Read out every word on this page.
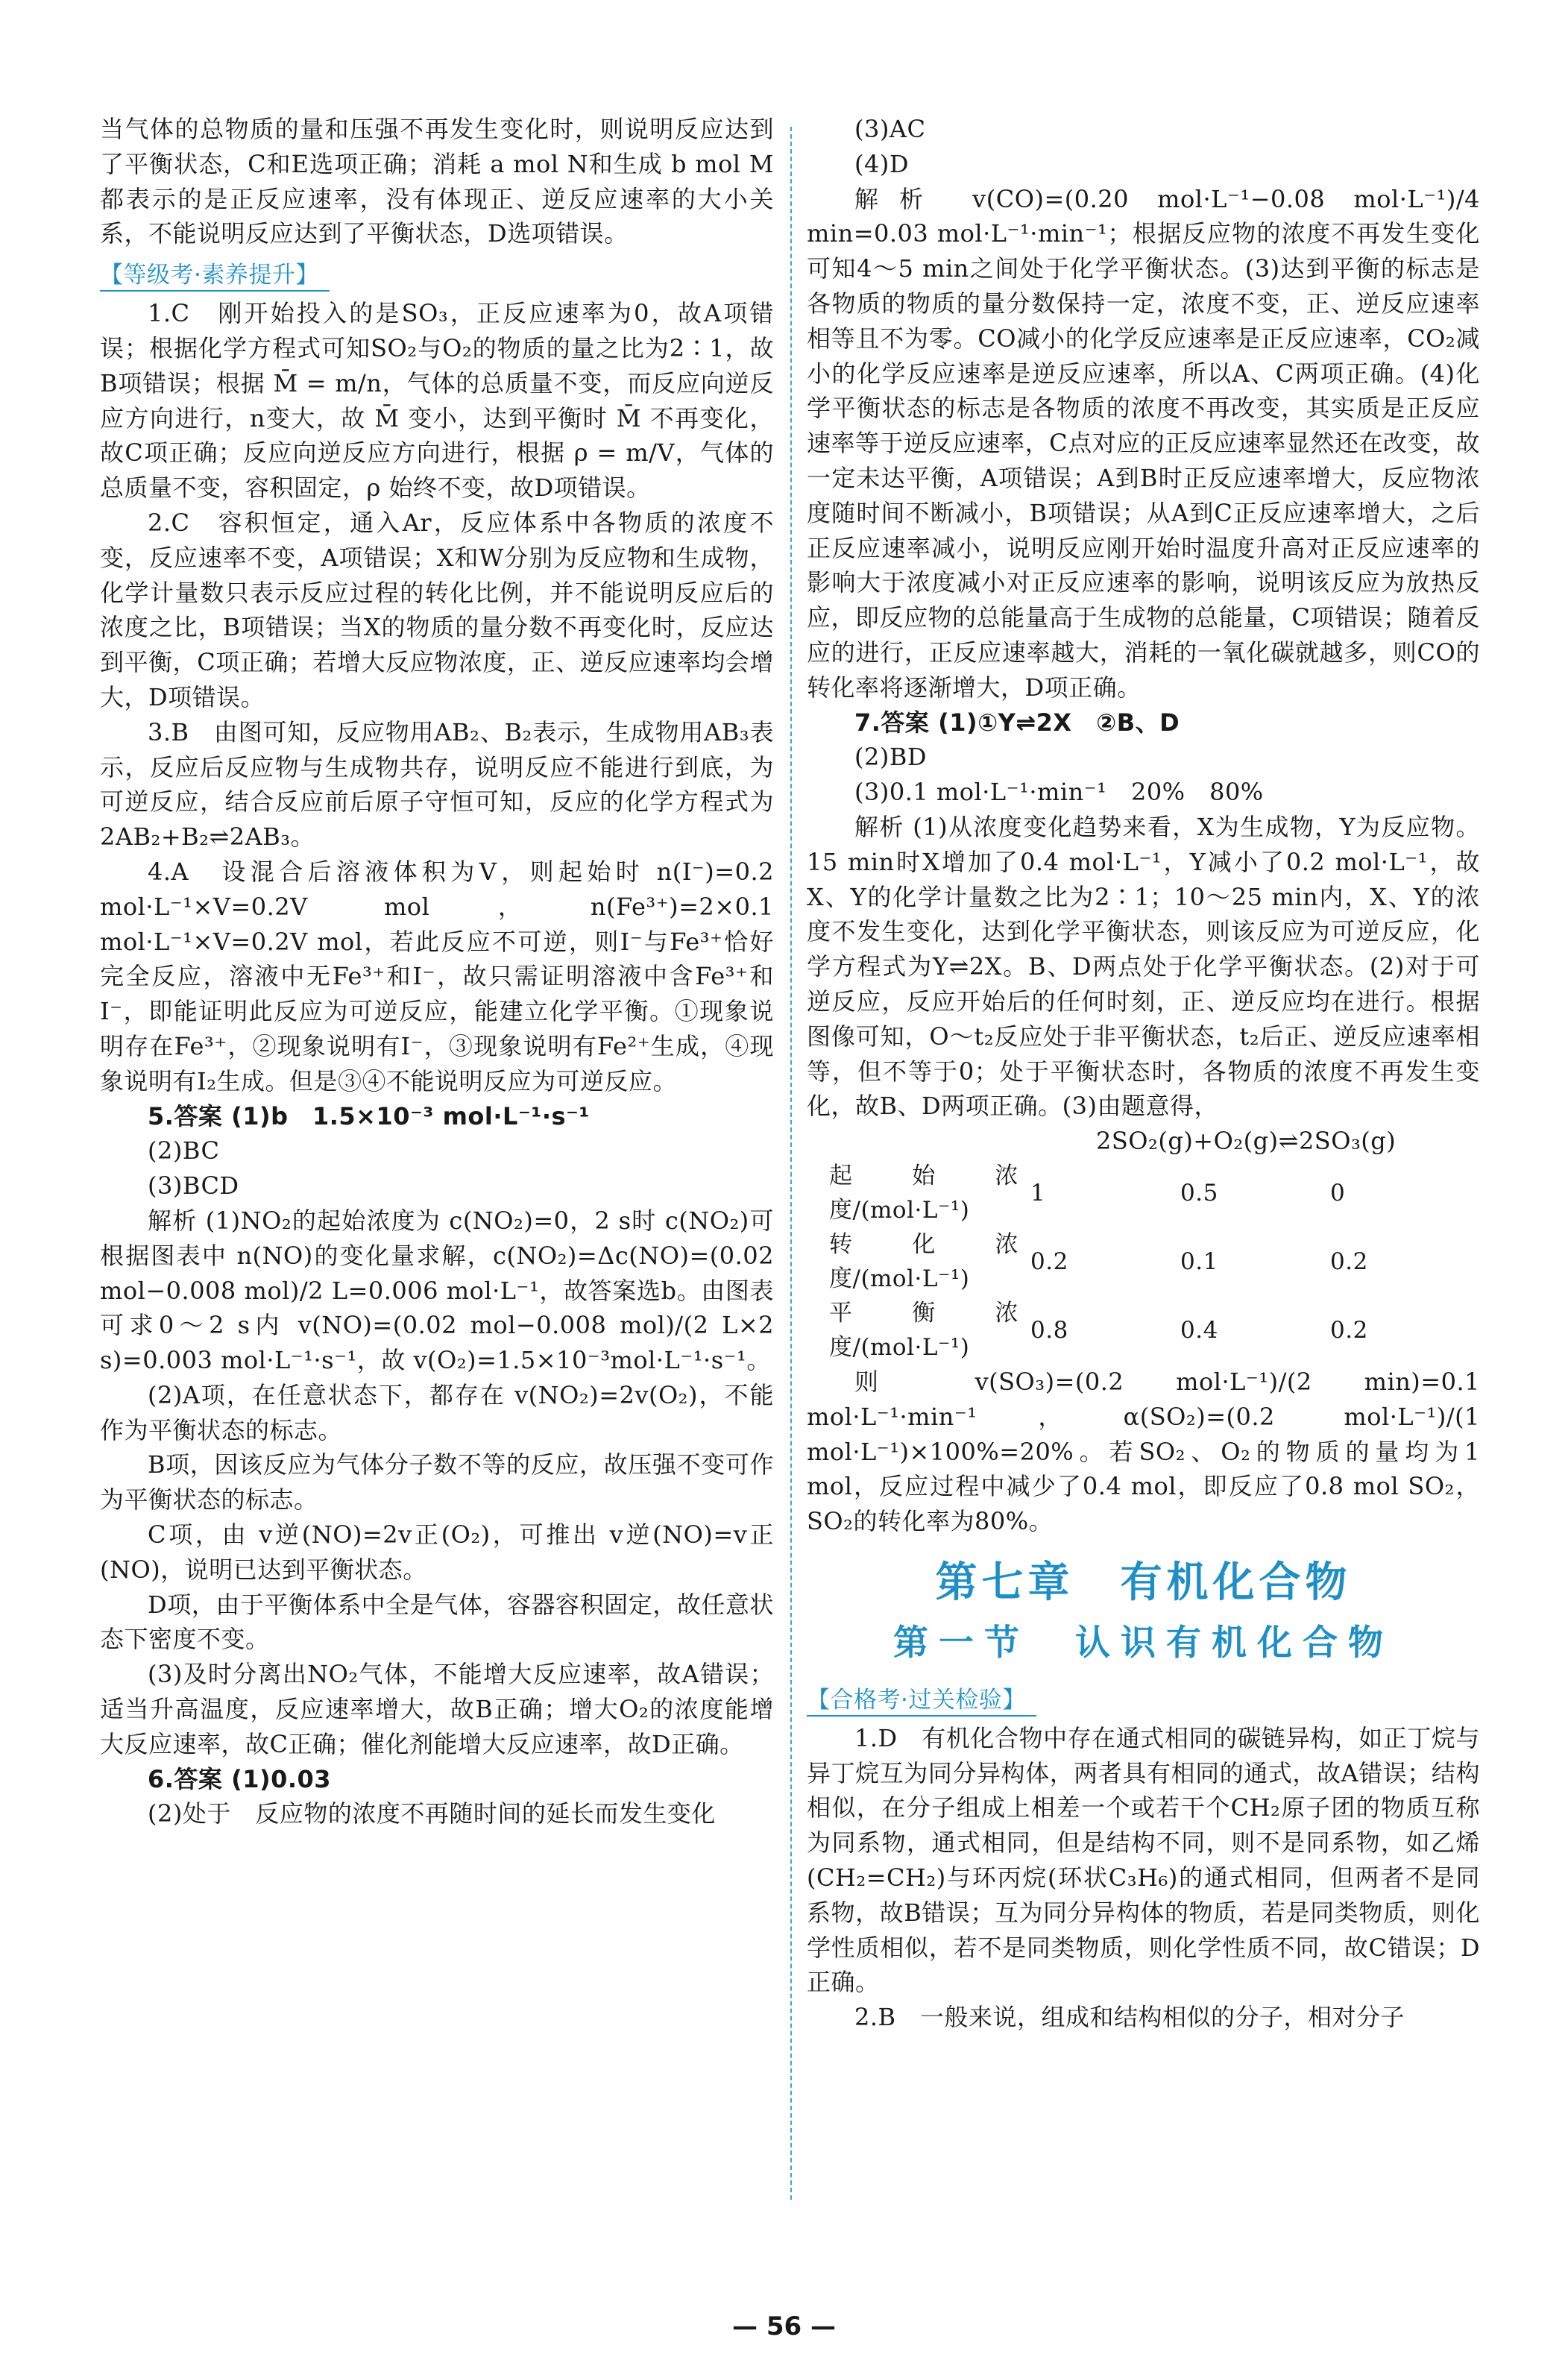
当气体的总物质的量和压强不再发生变化时，则说明反应达到了平衡状态，C和E选项正确；消耗 a mol N和生成 b mol M都表示的是正反应速率，没有体现正、逆反应速率的大小关系，不能说明反应达到了平衡状态，D选项错误。

【等级考·素养提升】

1.C　刚开始投入的是SO₃，正反应速率为0，故A项错误；根据化学方程式可知SO₂与O₂的物质的量之比为2∶1，故B项错误；根据 M̄ = m/n，气体的总质量不变，而反应向逆反应方向进行，n变大，故 M̄ 变小，达到平衡时 M̄ 不再变化，故C项正确；反应向逆反应方向进行，根据 ρ = m/V，气体的总质量不变，容积固定，ρ 始终不变，故D项错误。

2.C　容积恒定，通入Ar，反应体系中各物质的浓度不变，反应速率不变，A项错误；X和W分别为反应物和生成物，化学计量数只表示反应过程的转化比例，并不能说明反应后的浓度之比，B项错误；当X的物质的量分数不再变化时，反应达到平衡，C项正确；若增大反应物浓度，正、逆反应速率均会增大，D项错误。

3.B　由图可知，反应物用AB₂、B₂表示，生成物用AB₃表示，反应后反应物与生成物共存，说明反应不能进行到底，为可逆反应，结合反应前后原子守恒可知，反应的化学方程式为2AB₂+B₂⇌2AB₃。

4.A　设混合后溶液体积为V，则起始时 n(I⁻)=0.2 mol·L⁻¹×V=0.2V mol，n(Fe³⁺)=2×0.1 mol·L⁻¹×V=0.2V mol，若此反应不可逆，则I⁻与Fe³⁺恰好完全反应，溶液中无Fe³⁺和I⁻，故只需证明溶液中含Fe³⁺和I⁻，即能证明此反应为可逆反应，能建立化学平衡。①现象说明存在Fe³⁺，②现象说明有I⁻，③现象说明有Fe²⁺生成，④现象说明有I₂生成。但是③④不能说明反应为可逆反应。

5.答案 (1)b　1.5×10⁻³ mol·L⁻¹·s⁻¹

(2)BC

(3)BCD

解析 (1)NO₂的起始浓度为 c(NO₂)=0，2 s时 c(NO₂)可根据图表中 n(NO)的变化量求解，c(NO₂)=Δc(NO)=(0.02 mol−0.008 mol)/2 L=0.006 mol·L⁻¹，故答案选b。由图表可求0～2 s内 v(NO)=(0.02 mol−0.008 mol)/(2 L×2 s)=0.003 mol·L⁻¹·s⁻¹，故 v(O₂)=1.5×10⁻³mol·L⁻¹·s⁻¹。

(2)A项，在任意状态下，都存在 v(NO₂)=2v(O₂)，不能作为平衡状态的标志。

B项，因该反应为气体分子数不等的反应，故压强不变可作为平衡状态的标志。

C项，由 v逆(NO)=2v正(O₂)，可推出 v逆(NO)=v正(NO)，说明已达到平衡状态。

D项，由于平衡体系中全是气体，容器容积固定，故任意状态下密度不变。

(3)及时分离出NO₂气体，不能增大反应速率，故A错误；适当升高温度，反应速率增大，故B正确；增大O₂的浓度能增大反应速率，故C正确；催化剂能增大反应速率，故D正确。

6.答案 (1)0.03

(2)处于　反应物的浓度不再随时间的延长而发生变化

(3)AC

(4)D

解析 v(CO)=(0.20 mol·L⁻¹−0.08 mol·L⁻¹)/4 min=0.03 mol·L⁻¹·min⁻¹；根据反应物的浓度不再发生变化可知4～5 min之间处于化学平衡状态。(3)达到平衡的标志是各物质的物质的量分数保持一定，浓度不变，正、逆反应速率相等且不为零。CO减小的化学反应速率是正反应速率，CO₂减小的化学反应速率是逆反应速率，所以A、C两项正确。(4)化学平衡状态的标志是各物质的浓度不再改变，其实质是正反应速率等于逆反应速率，C点对应的正反应速率显然还在改变，故一定未达平衡，A项错误；A到B时正反应速率增大，反应物浓度随时间不断减小，B项错误；从A到C正反应速率增大，之后正反应速率减小，说明反应刚开始时温度升高对正反应速率的影响大于浓度减小对正反应速率的影响，说明该反应为放热反应，即反应物的总能量高于生成物的总能量，C项错误；随着反应的进行，正反应速率越大，消耗的一氧化碳就越多，则CO的转化率将逐渐增大，D项正确。

7.答案 (1)①Y⇌2X　②B、D

(2)BD

(3)0.1 mol·L⁻¹·min⁻¹　20%　80%

解析 (1)从浓度变化趋势来看，X为生成物，Y为反应物。15 min时X增加了0.4 mol·L⁻¹，Y减小了0.2 mol·L⁻¹，故X、Y的化学计量数之比为2∶1；10～25 min内，X、Y的浓度不发生变化，达到化学平衡状态，则该反应为可逆反应，化学方程式为Y⇌2X。B、D两点处于化学平衡状态。(2)对于可逆反应，反应开始后的任何时刻，正、逆反应均在进行。根据图像可知，O～t₂反应处于非平衡状态，t₂后正、逆反应速率相等，但不等于0；处于平衡状态时，各物质的浓度不再发生变化，故B、D两项正确。(3)由题意得，

2SO₂(g)+O₂(g)⇌2SO₃(g)

起始浓度/(mol·L⁻¹)	1	0.5	0
转化浓度/(mol·L⁻¹)	0.2	0.1	0.2
平衡浓度/(mol·L⁻¹)	0.8	0.4	0.2

则 v(SO₃)=(0.2 mol·L⁻¹)/(2 min)=0.1 mol·L⁻¹·min⁻¹，α(SO₂)=(0.2 mol·L⁻¹)/(1 mol·L⁻¹)×100%=20%。若SO₂、O₂的物质的量均为1 mol，反应过程中减少了0.4 mol，即反应了0.8 mol SO₂，SO₂的转化率为80%。

第七章　有机化合物
第一节　认识有机化合物
【合格考·过关检验】

1.D　有机化合物中存在通式相同的碳链异构，如正丁烷与异丁烷互为同分异构体，两者具有相同的通式，故A错误；结构相似，在分子组成上相差一个或若干个CH₂原子团的物质互称为同系物，通式相同，但是结构不同，则不是同系物，如乙烯(CH₂=CH₂)与环丙烷(环状C₃H₆)的通式相同，但两者不是同系物，故B错误；互为同分异构体的物质，若是同类物质，则化学性质相似，若不是同类物质，则化学性质不同，故C错误；D正确。

2.B　一般来说，组成和结构相似的分子，相对分子

— 56 —
